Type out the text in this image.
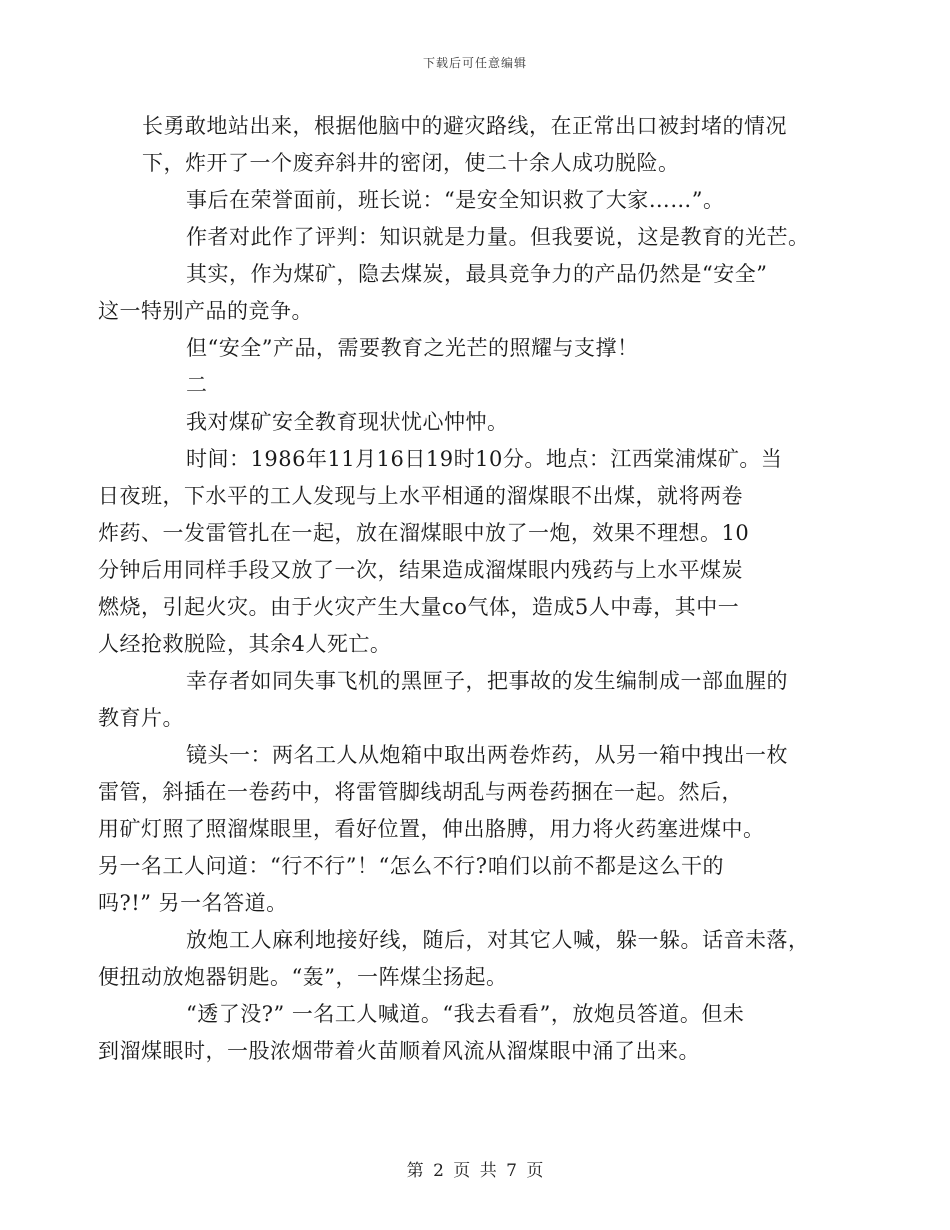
下载后可任意编辑

长勇敢地站出来，根据他脑中的避灾路线，在正常出口被封堵的情况
下，炸开了一个废弃斜井的密闭，使二十余人成功脱险。

事后在荣誉面前，班长说：“是安全知识救了大家……”。

作者对此作了评判：知识就是力量。但我要说，这是教育的光芒。

其实，作为煤矿，隐去煤炭，最具竞争力的产品仍然是“安全”
这一特别产品的竞争。

但“安全”产品，需要教育之光芒的照耀与支撑！

二

我对煤矿安全教育现状忧心忡忡。

时间：1986年11月16日19时10分。地点：江西棠浦煤矿。当
日夜班，下水平的工人发现与上水平相通的溜煤眼不出煤，就将两卷
炸药、一发雷管扎在一起，放在溜煤眼中放了一炮，效果不理想。10
分钟后用同样手段又放了一次，结果造成溜煤眼内残药与上水平煤炭
燃烧，引起火灾。由于火灾产生大量co气体，造成5人中毒，其中一
人经抢救脱险，其余4人死亡。

幸存者如同失事飞机的黑匣子，把事故的发生编制成一部血腥的
教育片。

镜头一：两名工人从炮箱中取出两卷炸药，从另一箱中拽出一枚
雷管，斜插在一卷药中，将雷管脚线胡乱与两卷药捆在一起。然后，
用矿灯照了照溜煤眼里，看好位置，伸出胳膊，用力将火药塞进煤中。
另一名工人问道：“行不行”！“怎么不行?咱们以前不都是这么干的
吗?!” 另一名答道。

放炮工人麻利地接好线，随后，对其它人喊，躲一躲。话音未落，
便扭动放炮器钥匙。“轰”，一阵煤尘扬起。

“透了没?” 一名工人喊道。“我去看看”，放炮员答道。但未
到溜煤眼时，一股浓烟带着火苗顺着风流从溜煤眼中涌了出来。

第 2 页 共 7 页
